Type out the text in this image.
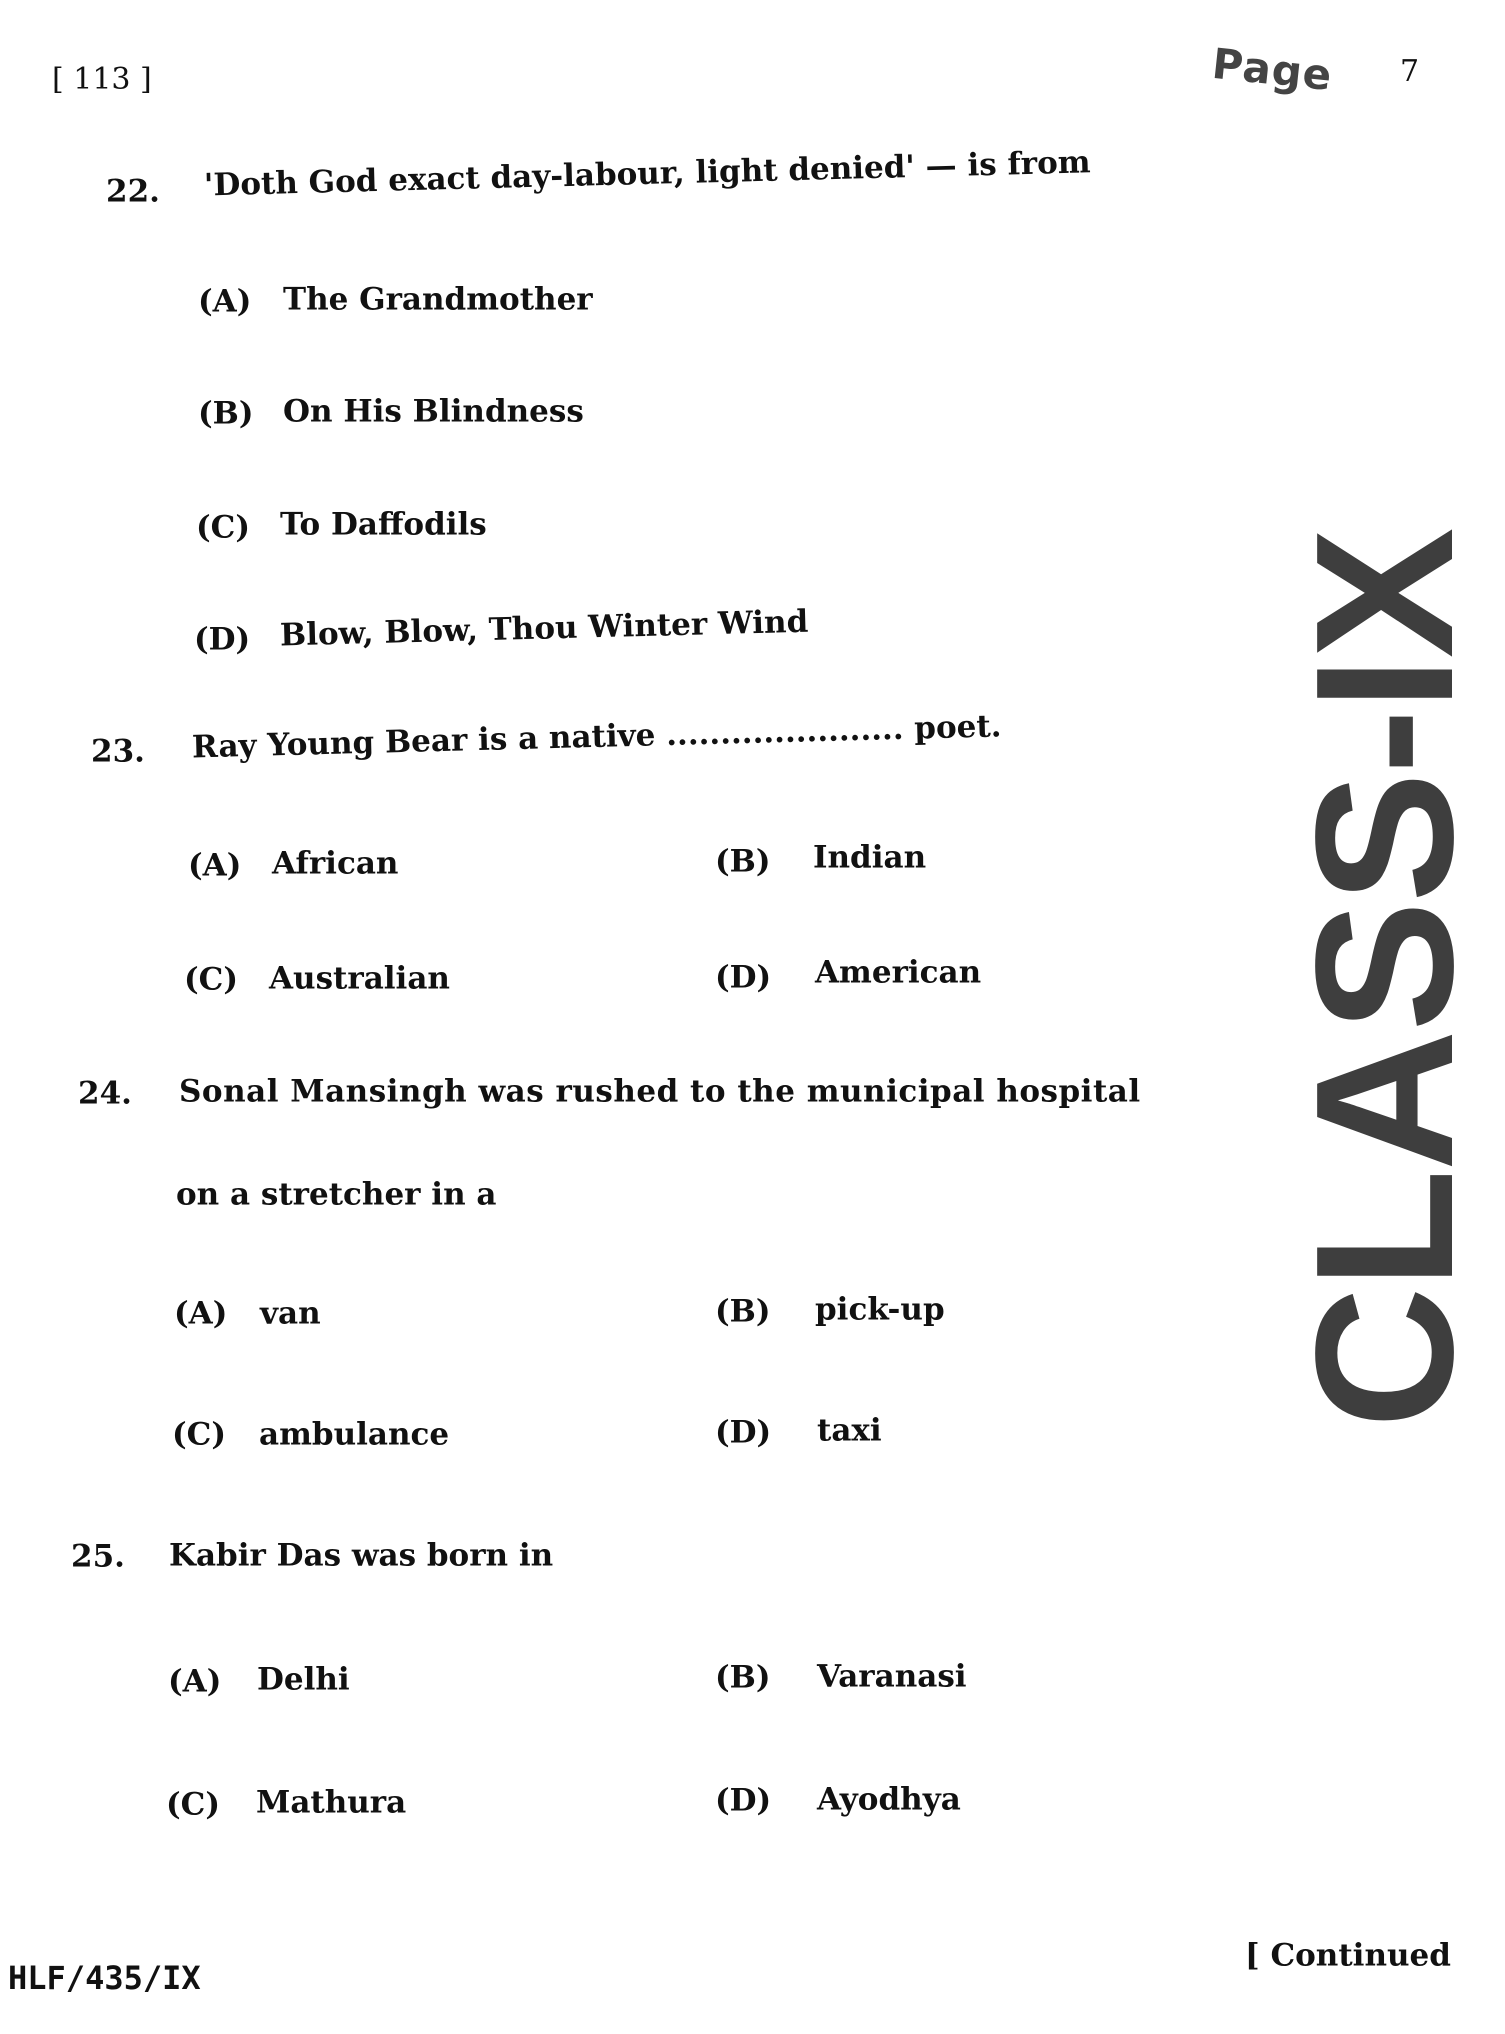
[ 113 ]	Page 7
22. 'Doth God exact day-labour, light denied' — is from
(A) The Grandmother
(B) On His Blindness
(C) To Daffodils
(D) Blow, Blow, Thou Winter Wind
23. Ray Young Bear is a native ...................... poet.
(A) African	(B) Indian
(C) Australian	(D) American
24. Sonal Mansingh was rushed to the municipal hospital
on a stretcher in a
(A) van	(B) pick-up
(C) ambulance	(D) taxi
25. Kabir Das was born in
(A) Delhi	(B) Varanasi
(C) Mathura	(D) Ayodhya
CLASS-IX
HLF/435/IX
[ Continued
